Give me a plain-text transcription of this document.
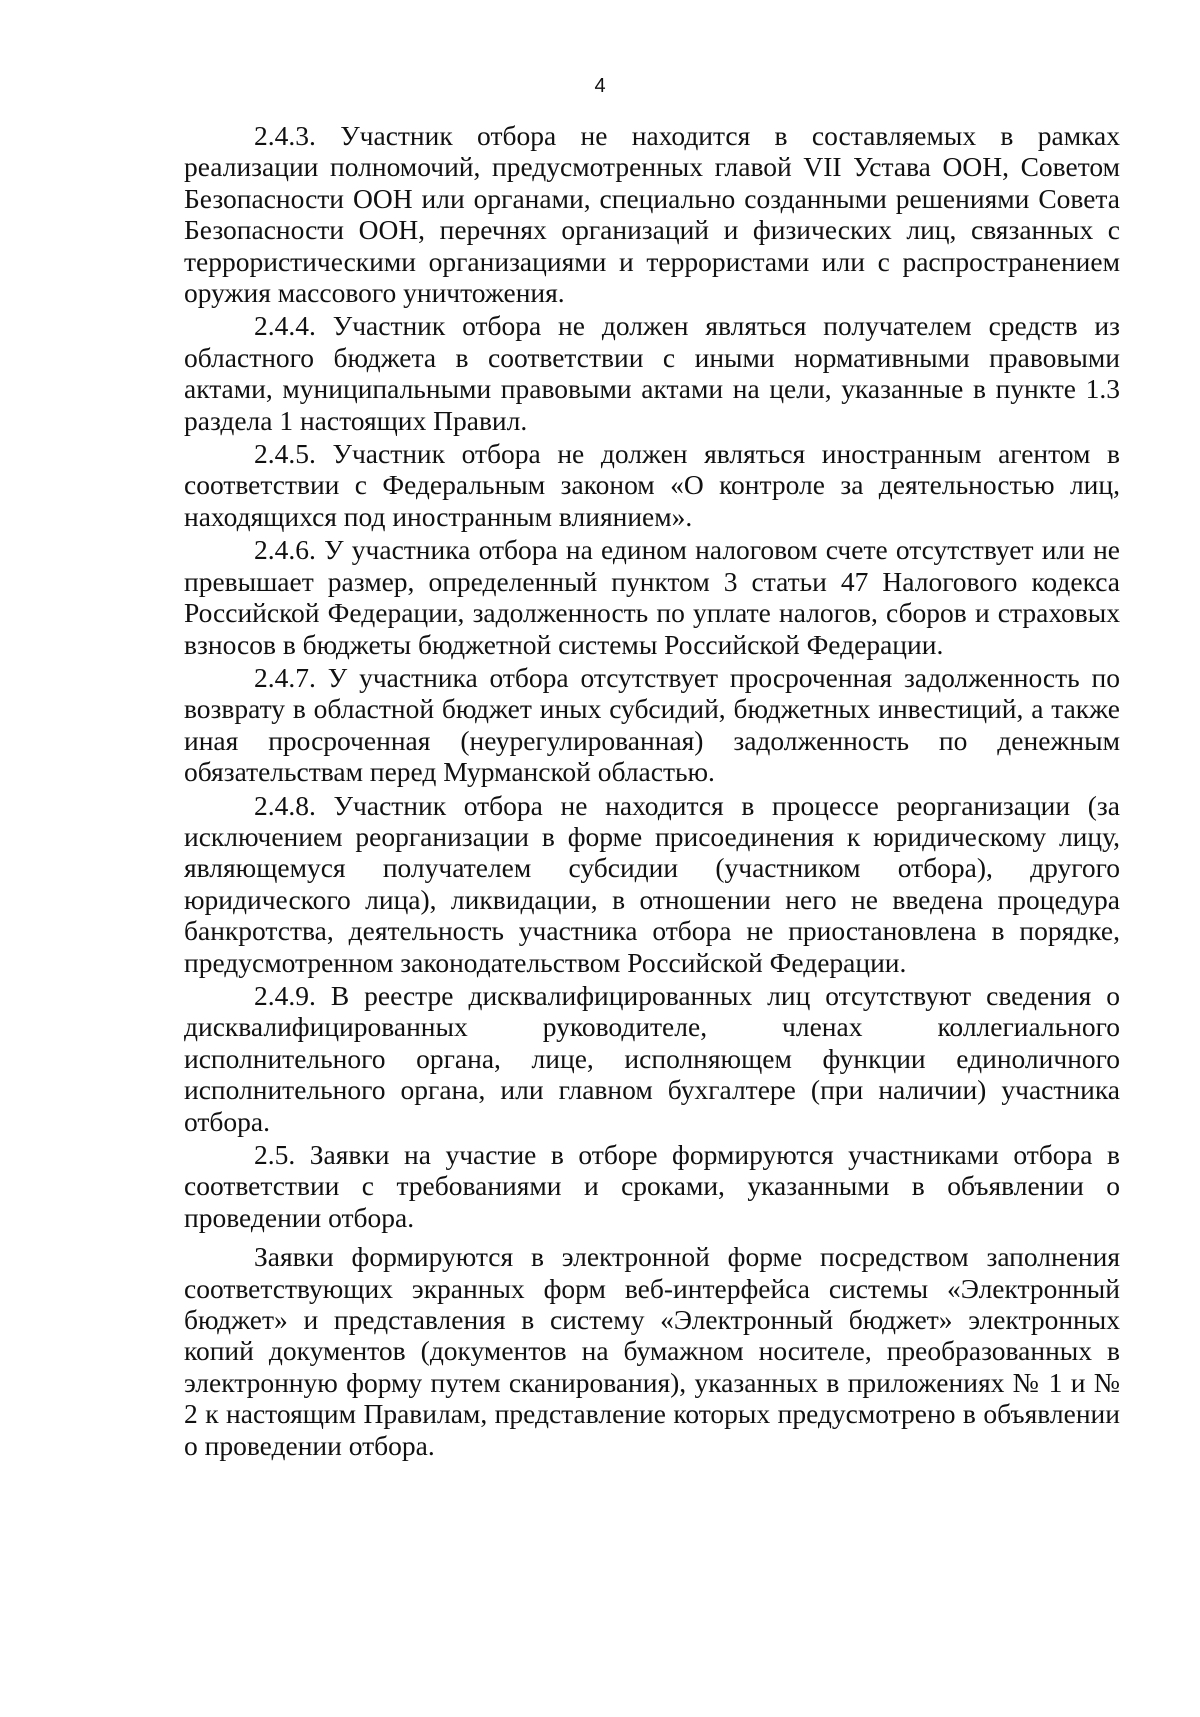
4

2.4.3. Участник отбора не находится в составляемых в рамках реализации полномочий, предусмотренных главой VII Устава ООН, Советом Безопасности ООН или органами, специально созданными решениями Совета Безопасности ООН, перечнях организаций и физических лиц, связанных с террористическими организациями и террористами или с распространением оружия массового уничтожения.

2.4.4. Участник отбора не должен являться получателем средств из областного бюджета в соответствии с иными нормативными правовыми актами, муниципальными правовыми актами на цели, указанные в пункте 1.3 раздела 1 настоящих Правил.

2.4.5. Участник отбора не должен являться иностранным агентом в соответствии с Федеральным законом «О контроле за деятельностью лиц, находящихся под иностранным влиянием».

2.4.6. У участника отбора на едином налоговом счете отсутствует или не превышает размер, определенный пунктом 3 статьи 47 Налогового кодекса Российской Федерации, задолженность по уплате налогов, сборов и страховых взносов в бюджеты бюджетной системы Российской Федерации.

2.4.7. У участника отбора отсутствует просроченная задолженность по возврату в областной бюджет иных субсидий, бюджетных инвестиций, а также иная просроченная (неурегулированная) задолженность по денежным обязательствам перед Мурманской областью.

2.4.8. Участник отбора не находится в процессе реорганизации (за исключением реорганизации в форме присоединения к юридическому лицу, являющемуся получателем субсидии (участником отбора), другого юридического лица), ликвидации, в отношении него не введена процедура банкротства, деятельность участника отбора не приостановлена в порядке, предусмотренном законодательством Российской Федерации.

2.4.9. В реестре дисквалифицированных лиц отсутствуют сведения о дисквалифицированных руководителе, членах коллегиального исполнительного органа, лице, исполняющем функции единоличного исполнительного органа, или главном бухгалтере (при наличии) участника отбора.

2.5. Заявки на участие в отборе формируются участниками отбора в соответствии с требованиями и сроками, указанными в объявлении о проведении отбора.

Заявки формируются в электронной форме посредством заполнения соответствующих экранных форм веб-интерфейса системы «Электронный бюджет» и представления в систему «Электронный бюджет» электронных копий документов (документов на бумажном носителе, преобразованных в электронную форму путем сканирования), указанных в приложениях № 1 и № 2 к настоящим Правилам, представление которых предусмотрено в объявлении о проведении отбора.
